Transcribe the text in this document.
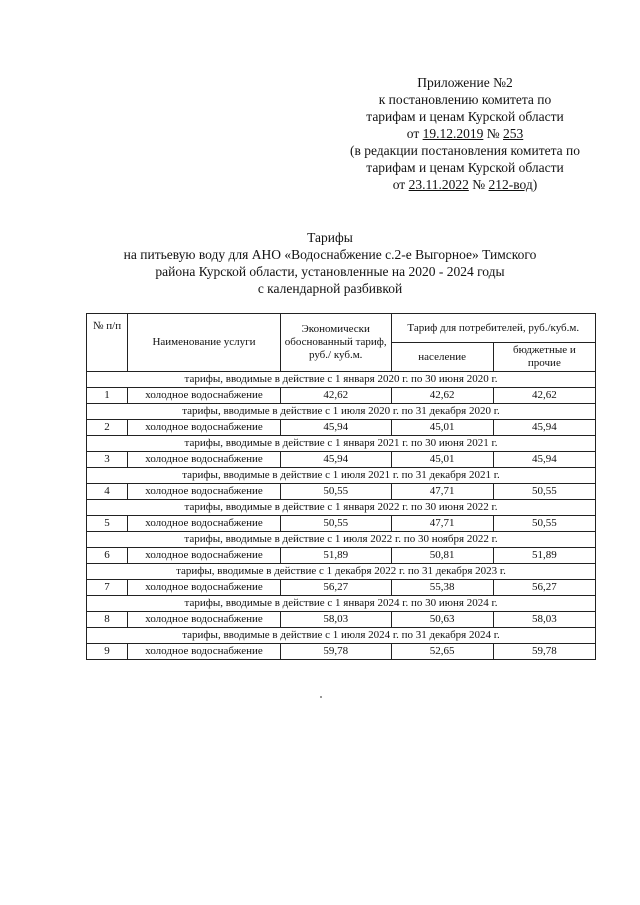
Приложение №2
к постановлению комитета по
тарифам и ценам Курской области
от 19.12.2019 № 253
(в редакции постановления комитета по
тарифам и ценам Курской области
от 23.11.2022 № 212-вод)
Тарифы
на питьевую воду для АНО «Водоснабжение с.2-е Выгорное» Тимского
района Курской области, установленные на 2020 - 2024 годы
с календарной разбивкой
№ п/п	Наименование услуги	Экономически обоснованный тариф, руб./ куб.м.	Тариф для потребителей, руб./куб.м.	
			население	бюджетные и прочие
тарифы, вводимые в действие с 1 января 2020 г. по 30 июня 2020 г.				
1	холодное водоснабжение	42,62	42,62	42,62
тарифы, вводимые в действие с 1 июля 2020 г. по 31 декабря 2020 г.				
2	холодное водоснабжение	45,94	45,01	45,94
тарифы, вводимые в действие с 1 января 2021 г. по 30 июня 2021 г.				
3	холодное водоснабжение	45,94	45,01	45,94
тарифы, вводимые в действие с 1 июля 2021 г. по 31 декабря 2021 г.				
4	холодное водоснабжение	50,55	47,71	50,55
тарифы, вводимые в действие с 1 января 2022 г. по 30 июня 2022 г.				
5	холодное водоснабжение	50,55	47,71	50,55
тарифы, вводимые в действие с 1 июля 2022 г. по 30 ноября 2022 г.				
6	холодное водоснабжение	51,89	50,81	51,89
тарифы, вводимые в действие с 1 декабря 2022 г. по 31 декабря 2023 г.				
7	холодное водоснабжение	56,27	55,38	56,27
тарифы, вводимые в действие с 1 января 2024 г. по 30 июня 2024 г.				
8	холодное водоснабжение	58,03	50,63	58,03
тарифы, вводимые в действие с 1 июля 2024 г. по 31 декабря 2024 г.				
9	холодное водоснабжение	59,78	52,65	59,78
